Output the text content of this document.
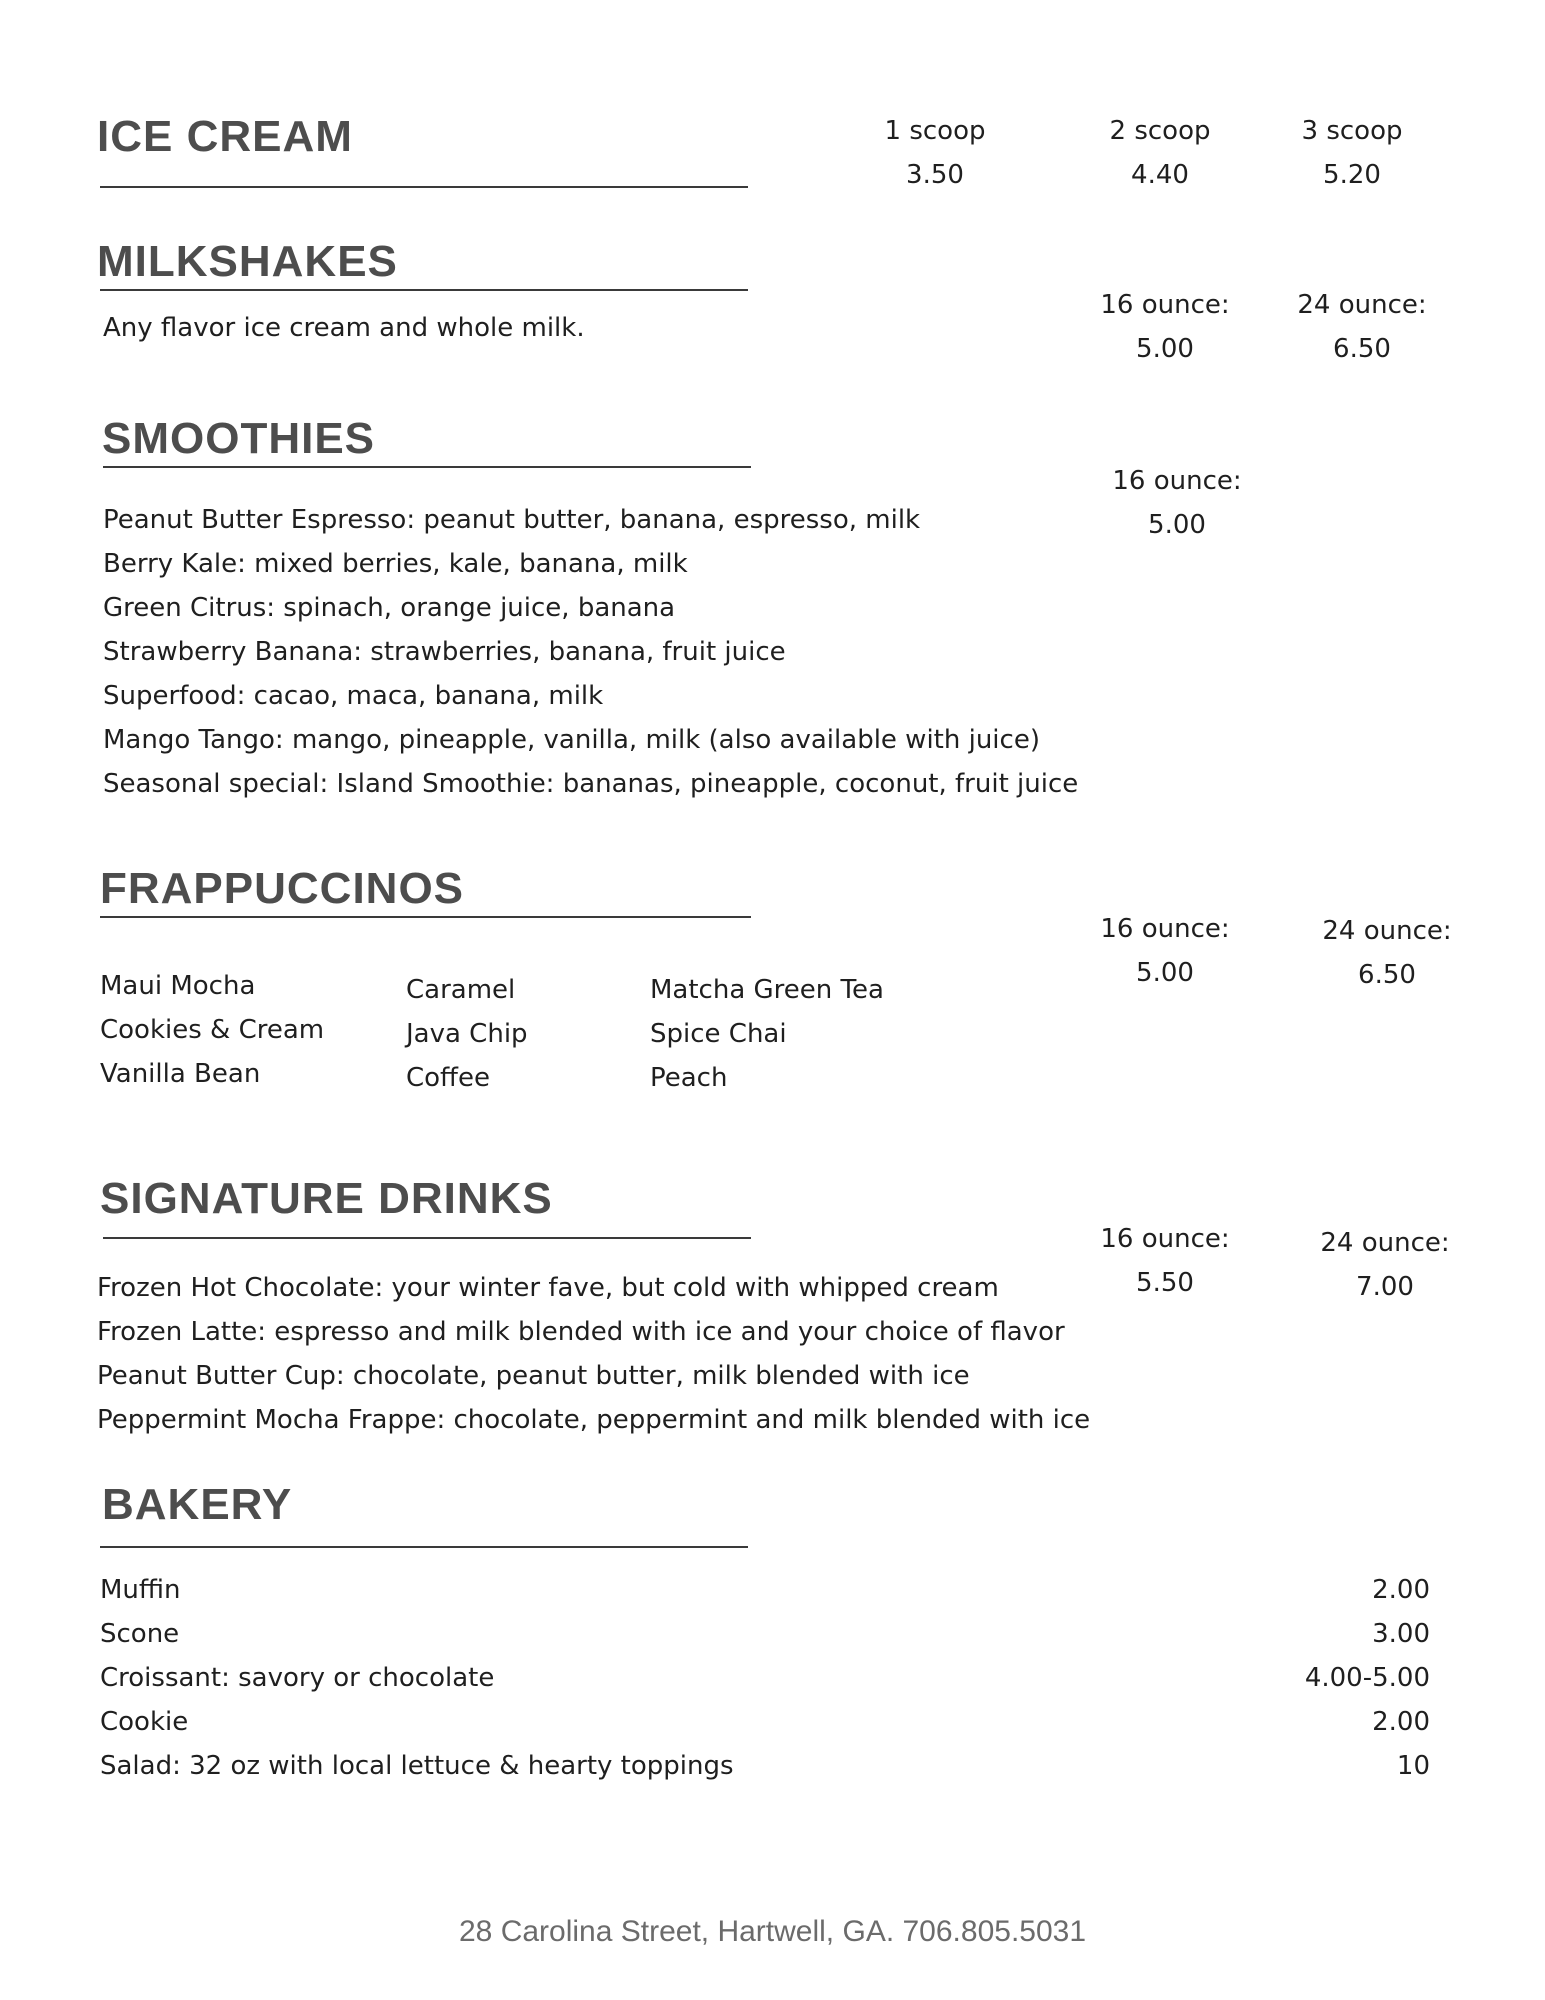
ICE CREAM	1 scoop
3.50
2 scoop
4.40
3 scoop
5.20
MILKSHAKES
Any flavor ice cream and whole milk.
16 ounce:
5.00
24 ounce:
6.50
SMOOTHIES
Peanut Butter Espresso: peanut butter, banana, espresso, milk
Berry Kale: mixed berries, kale, banana, milk
Green Citrus: spinach, orange juice, banana
Strawberry Banana: strawberries, banana, fruit juice
Superfood: cacao, maca, banana, milk
Mango Tango: mango, pineapple, vanilla, milk (also available with juice)
Seasonal special: Island Smoothie: bananas, pineapple, coconut, fruit juice
16 ounce:
5.00
FRAPPUCCINOS
Maui Mocha
Cookies & Cream
Vanilla Bean
Caramel
Java Chip
Coffee
Matcha Green Tea
Spice Chai
Peach
16 ounce:
5.00
24 ounce:
6.50
SIGNATURE DRINKS
Frozen Hot Chocolate: your winter fave, but cold with whipped cream
Frozen Latte: espresso and milk blended with ice and your choice of flavor
Peanut Butter Cup: chocolate, peanut butter, milk blended with ice
Peppermint Mocha Frappe: chocolate, peppermint and milk blended with ice
16 ounce:
5.50
24 ounce:
7.00
BAKERY
Muffin
Scone
Croissant: savory or chocolate
Cookie
Salad: 32 oz with local lettuce & hearty toppings
2.00
3.00
4.00-5.00
2.00
10
28 Carolina Street, Hartwell, GA. 706.805.5031
